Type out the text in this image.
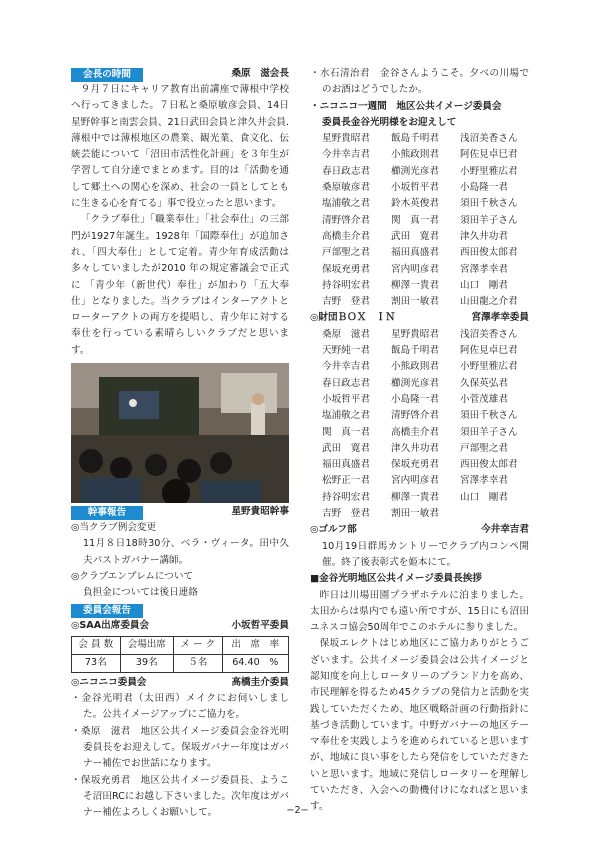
会長の時間	桑原　滋会長

９月７日にキャリア教育出前講座で薄根中学校へ行ってきました。７日私と桑原敏彦会員、14日星野幹事と南雲会員、21日武田会員と津久井会員.薄根中では薄根地区の農業、観光業、食文化、伝統芸能について「沼田市活性化計画」を３年生が学習して自分達でまとめます。目的は「活動を通して郷土への関心を深め、社会の一員としてともに生きる心を育てる」事で役立ったと思います。

「クラブ奉仕」「職業奉仕」「社会奉仕」の三部門が1927年誕生。1928年「国際奉仕」が追加され、「四大奉仕」として定着。青少年育成活動は多々していましたが2010 年の規定審議会で正式に 「青少年（新世代）奉仕」が加わり「五大奉仕」となりました。当クラブはインターアクトとローターアクトの両方を提唱し、青少年に対する奉仕を行っている素晴らしいクラブだと思います。

幹事報告	星野貴昭幹事

◎当クラブ例会変更

11月８日18時30分、ベラ・ヴィータ。田中久夫パストガバナー講師。

◎クラブエンブレムについて

負担金については後日連絡

委員会報告
◎SAA出席委員会	小坂哲平委員
会 員 数	会場出席	メ ー ク	出　席　率
73名	39名	５名	64.40　%
◎ニコニコ委員会	高橋圭介委員

・金谷光明君（太田西）メイクにお伺いしました。公共イメージアップにご協力を。

・桑原　滋君　地区公共イメージ委員会金谷光明委員長をお迎えして。保坂ガバナー年度はガバナー補佐でお世話になります。

・保坂充勇君　地区公共イメージ委員長、ようこそ沼田RCにお越し下さいました。次年度はガバナー補佐よろしくお願いして。

・水石清治君　金谷さんようこそ。夕べの川場でのお酒はどうでしたか。

・ニコニコ一週間　地区公共イメージ委員会

委員長金谷光明様をお迎えして

星野貴昭君	飯島千明君	浅沼美香さん
今井幸吉君	小熊政則君	阿佐見卓巳君
春日政志君	櫛渕光彦君	小野里雅広君
桑原敏彦君	小坂哲平君	小島隆一君
塩浦敬之君	鈴木英俊君	須田千秋さん
清野啓介君	関　真一君	須田羊子さん
高橋圭介君	武田　寛君	津久井功君
戸部聖之君	福田真盛君	西田俊太郎君
保坂充勇君	宮内明彦君	宮澤孝幸君
持谷明宏君	柳澤一貴君	山口　剛君
吉野　登君	割田一敏君	山田龍之介君
◎財団ＢＯＸ　ＩＮ	宮澤孝幸委員
桑原　滋君	星野貴昭君	浅沼美香さん
天野純一君	飯島千明君	阿佐見卓巳君
今井幸吉君	小熊政則君	小野里雅広君
春日政志君	櫛渕光彦君	久保英弘君
小坂哲平君	小島隆一君	小菅茂雄君
塩浦敬之君	清野啓介君	須田千秋さん
関　真一君	高橋圭介君	須田羊子さん
武田　寛君	津久井功君	戸部聖之君
福田真盛君	保坂充勇君	西田俊太郎君
松野正一君	宮内明彦君	宮澤孝幸君
持谷明宏君	柳澤一貴君	山口　剛君
吉野　登君	割田一敏君
◎ゴルフ部	今井幸吉君

10月19日群馬カントリーでクラブ内コンペ開催。終了後表彰式を姫本にて。

■金谷光明地区公共イメージ委員長挨拶

昨日は川場田園プラザホテルに泊まりました。太田からは県内でも遠い所ですが、15日にも沼田ユネスコ協会50周年でこのホテルに参りました。

保坂エレクトはじめ地区にご協力ありがとうございます。公共イメージ委員会は公共イメージと認知度を向上しロータリーのブランド力を高め、市民理解を得るため45クラブの発信力と活動を実践していただくため、地区戦略計画の行動指針に基づき活動しています。中野ガバナーの地区テーマ奉仕を実践しようを進められていると思いますが、地域に良い事をしたら発信をしていただきたいと思います。地域に発信しロータリーを理解していただき、入会への動機付けになればと思います。

−2−
